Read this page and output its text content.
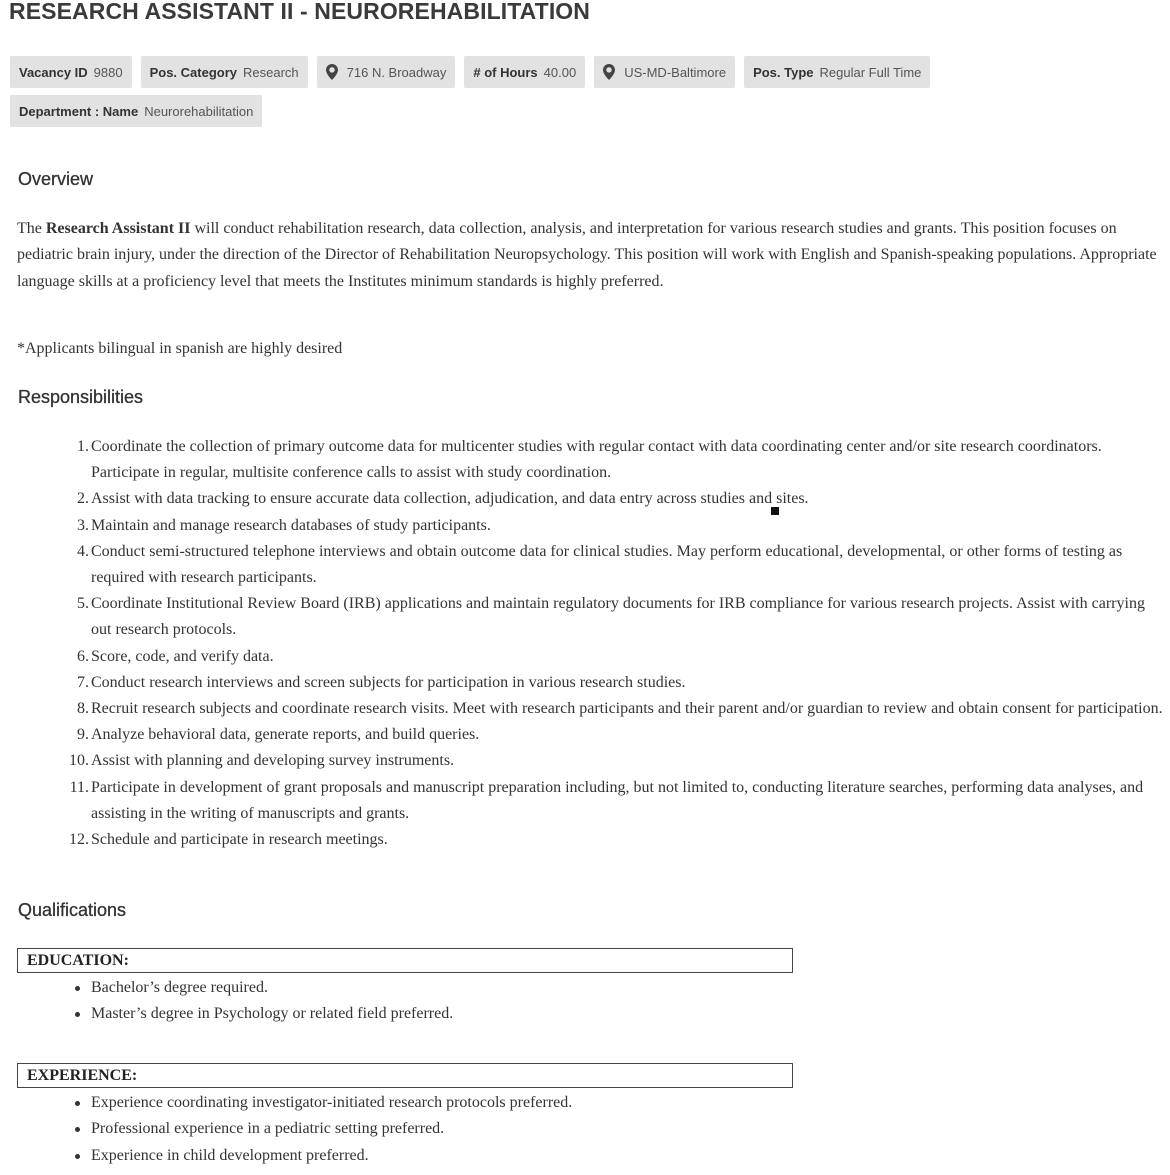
RESEARCH ASSISTANT II - NEUROREHABILITATION
Vacancy ID 9880 Pos. Category Research	716 N. Broadway # of Hours 40.00	US-MD-Baltimore Pos. Type Regular Full Time
Department : Name Neurorehabilitation
Overview

The Research Assistant II will conduct rehabilitation research, data collection, analysis, and interpretation for various research studies and grants. This position focuses on pediatric brain injury, under the direction of the Director of Rehabilitation Neuropsychology. This position will work with English and Spanish-speaking populations. Appropriate language skills at a proficiency level that meets the Institutes minimum standards is highly preferred.

*Applicants bilingual in spanish are highly desired

Responsibilities
1. Coordinate the collection of primary outcome data for multicenter studies with regular contact with data coordinating center and/or site research coordinators. Participate in regular, multisite conference calls to assist with study coordination.
2. Assist with data tracking to ensure accurate data collection, adjudication, and data entry across studies and sites.
3. Maintain and manage research databases of study participants.
4. Conduct semi-structured telephone interviews and obtain outcome data for clinical studies. May perform educational, developmental, or other forms of testing as required with research participants.
5. Coordinate Institutional Review Board (IRB) applications and maintain regulatory documents for IRB compliance for various research projects. Assist with carrying out research protocols.
6. Score, code, and verify data.
7. Conduct research interviews and screen subjects for participation in various research studies.
8. Recruit research subjects and coordinate research visits. Meet with research participants and their parent and/or guardian to review and obtain consent for participation.
9. Analyze behavioral data, generate reports, and build queries.
10. Assist with planning and developing survey instruments.
11. Participate in development of grant proposals and manuscript preparation including, but not limited to, conducting literature searches, performing data analyses, and assisting in the writing of manuscripts and grants.
12. Schedule and participate in research meetings.
Qualifications
EDUCATION:
Bachelor’s degree required.
Master’s degree in Psychology or related field preferred.
EXPERIENCE:
Experience coordinating investigator-initiated research protocols preferred.
Professional experience in a pediatric setting preferred.
Experience in child development preferred.
